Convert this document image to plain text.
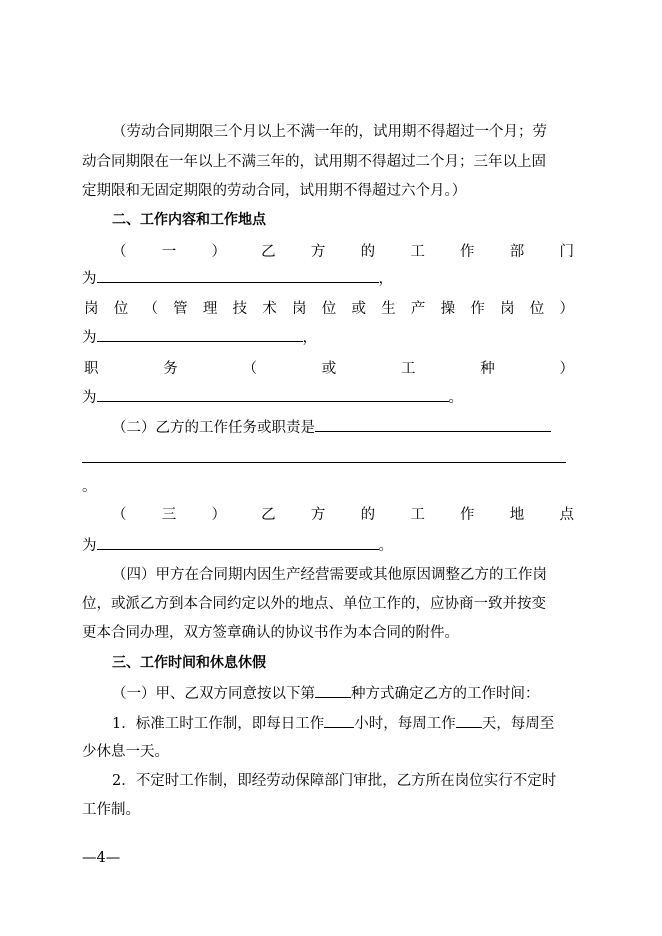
（劳动合同期限三个月以上不满一年的，试用期不得超过一个月；劳
动合同期限在一年以上不满三年的，试用期不得超过二个月；三年以上固
定期限和无固定期限的劳动合同，试用期不得超过六个月。）
二、工作内容和工作地点
（ 一 ） 乙 方 的 工 作 部 门
为	，
岗 位 （ 管 理 技 术 岗 位 或 生 产 操 作 岗 位 ）
为	，
职	务	（	或	工	种	）
为	。
（二）乙方的工作任务或职责是
。
（ 三 ） 乙 方 的 工 作 地 点
为	。
（四）甲方在合同期内因生产经营需要或其他原因调整乙方的工作岗
位，或派乙方到本合同约定以外的地点、单位工作的，应协商一致并按变
更本合同办理，双方签章确认的协议书作为本合同的附件。
三、工作时间和休息休假
（一）甲、乙双方同意按以下第 种方式确定乙方的工作时间：
1．标准工时工作制，即每日工作 小时，每周工作 天，每周至
少休息一天。
2．不定时工作制，即经劳动保障部门审批，乙方所在岗位实行不定时
工作制。
—4—
